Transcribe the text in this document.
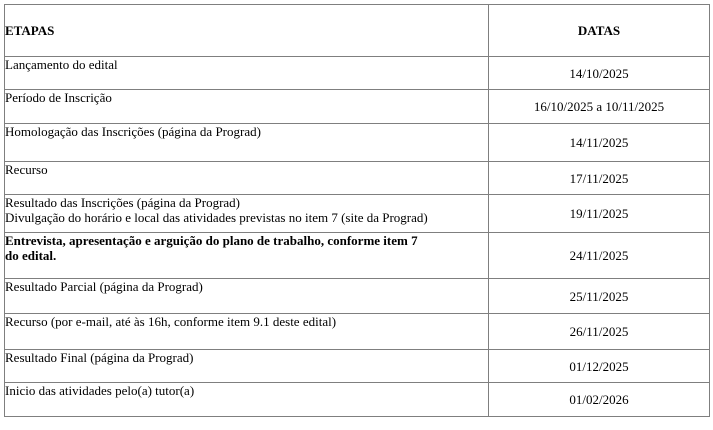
ETAPAS	DATAS

Lançamento do edital	14/10/2025

Período de Inscrição	16/10/2025 a 10/11/2025

Homologação das Inscrições (página da Prograd)	14/11/2025

Recurso	17/11/2025

Resultado das Inscrições (página da Prograd)
Divulgação do horário e local das atividades previstas no item 7 (site da Prograd)	19/11/2025

Entrevista, apresentação e arguição do plano de trabalho, conforme item 7
do edital.	24/11/2025

Resultado Parcial (página da Prograd)	25/11/2025

Recurso (por e-mail, até às 16h, conforme item 9.1 deste edital)	26/11/2025

Resultado Final (página da Prograd)	01/12/2025

Inicio das atividades pelo(a) tutor(a)	01/02/2026
